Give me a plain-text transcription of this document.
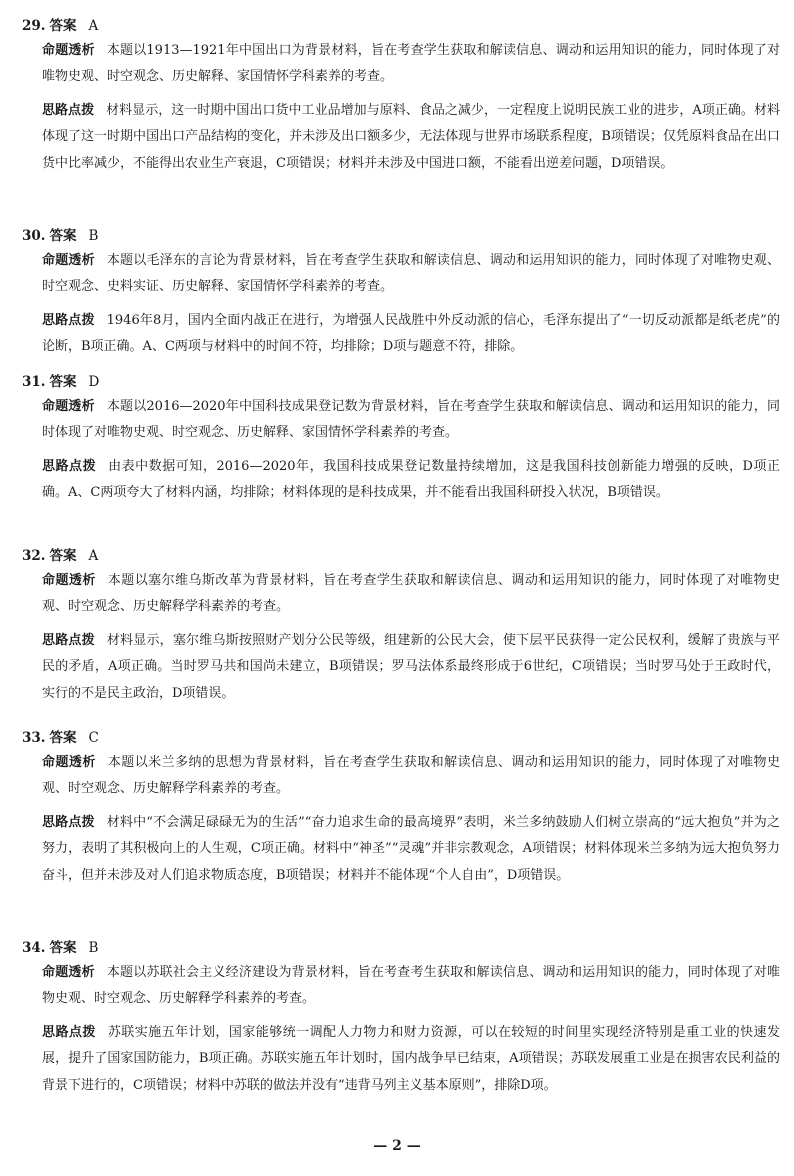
29. 答案 A
命题透析 本题以1913—1921年中国出口为背景材料，旨在考查学生获取和解读信息、调动和运用知识的能力，同时体现了对唯物史观、时空观念、历史解释、家国情怀学科素养的考查。
思路点拨 材料显示，这一时期中国出口货中工业品增加与原料、食品之减少，一定程度上说明民族工业的进步，A项正确。材料体现了这一时期中国出口产品结构的变化，并未涉及出口额多少，无法体现与世界市场联系程度，B项错误；仅凭原料食品在出口货中比率减少，不能得出农业生产衰退，C项错误；材料并未涉及中国进口额，不能看出逆差问题，D项错误。
30. 答案 B
命题透析 本题以毛泽东的言论为背景材料，旨在考查学生获取和解读信息、调动和运用知识的能力，同时体现了对唯物史观、时空观念、史料实证、历史解释、家国情怀学科素养的考查。
思路点拨 1946年8月，国内全面内战正在进行，为增强人民战胜中外反动派的信心，毛泽东提出了“一切反动派都是纸老虎”的论断，B项正确。A、C两项与材料中的时间不符，均排除；D项与题意不符，排除。
31. 答案 D
命题透析 本题以2016—2020年中国科技成果登记数为背景材料，旨在考查学生获取和解读信息、调动和运用知识的能力，同时体现了对唯物史观、时空观念、历史解释、家国情怀学科素养的考查。
思路点拨 由表中数据可知，2016—2020年，我国科技成果登记数量持续增加，这是我国科技创新能力增强的反映，D项正确。A、C两项夸大了材料内涵，均排除；材料体现的是科技成果，并不能看出我国科研投入状况，B项错误。
32. 答案 A
命题透析 本题以塞尔维乌斯改革为背景材料，旨在考查学生获取和解读信息、调动和运用知识的能力，同时体现了对唯物史观、时空观念、历史解释学科素养的考查。
思路点拨 材料显示，塞尔维乌斯按照财产划分公民等级，组建新的公民大会，使下层平民获得一定公民权利，缓解了贵族与平民的矛盾，A项正确。当时罗马共和国尚未建立，B项错误；罗马法体系最终形成于6世纪，C项错误；当时罗马处于王政时代，实行的不是民主政治，D项错误。
33. 答案 C
命题透析 本题以米兰多纳的思想为背景材料，旨在考查学生获取和解读信息、调动和运用知识的能力，同时体现了对唯物史观、时空观念、历史解释学科素养的考查。
思路点拨 材料中“不会满足碌碌无为的生活”“奋力追求生命的最高境界”表明，米兰多纳鼓励人们树立崇高的“远大抱负”并为之努力，表明了其积极向上的人生观，C项正确。材料中“神圣”“灵魂”并非宗教观念，A项错误；材料体现米兰多纳为远大抱负努力奋斗，但并未涉及对人们追求物质态度，B项错误；材料并不能体现“个人自由”，D项错误。
34. 答案 B
命题透析 本题以苏联社会主义经济建设为背景材料，旨在考查考生获取和解读信息、调动和运用知识的能力，同时体现了对唯物史观、时空观念、历史解释学科素养的考查。
思路点拨 苏联实施五年计划，国家能够统一调配人力物力和财力资源，可以在较短的时间里实现经济特别是重工业的快速发展，提升了国家国防能力，B项正确。苏联实施五年计划时，国内战争早已结束，A项错误；苏联发展重工业是在损害农民利益的背景下进行的，C项错误；材料中苏联的做法并没有“违背马列主义基本原则”，排除D项。
— 2 —
